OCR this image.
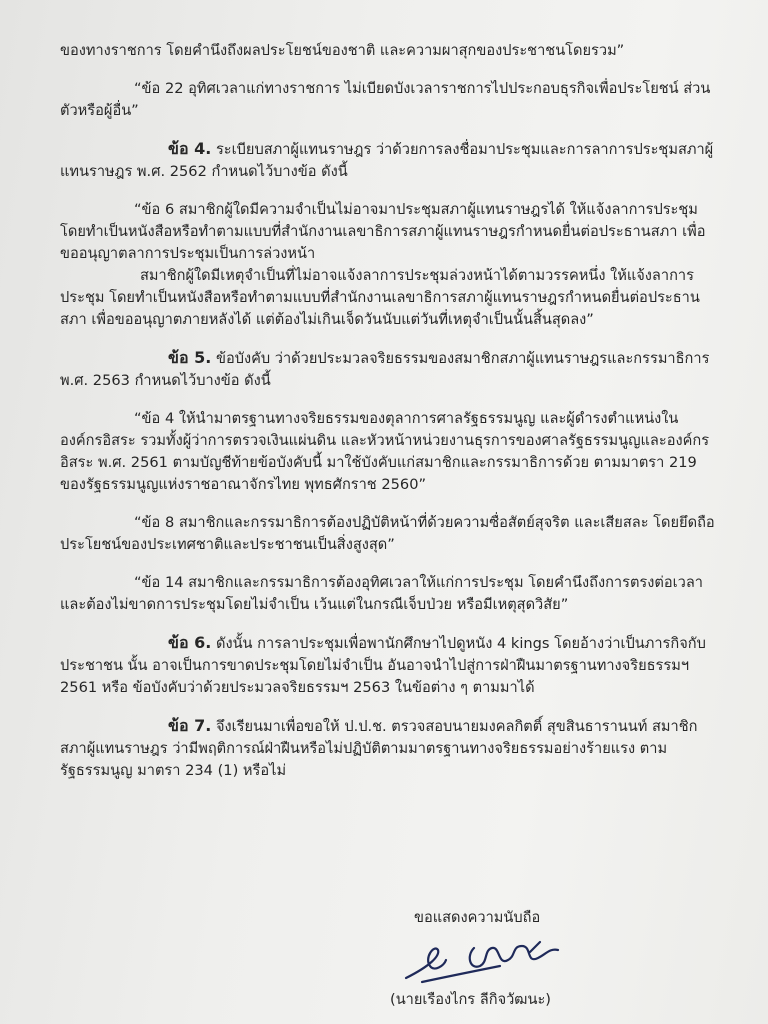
ของทางราชการ โดยคำนึงถึงผลประโยชน์ของชาติ และความผาสุกของประชาชนโดยรวม”

“ข้อ 22 อุทิศเวลาแก่ทางราชการ ไม่เบียดบังเวลาราชการไปประกอบธุรกิจเพื่อประโยชน์ ส่วนตัวหรือผู้อื่น”

ข้อ 4. ระเบียบสภาผู้แทนราษฎร ว่าด้วยการลงชื่อมาประชุมและการลาการประชุมสภาผู้แทนราษฎร พ.ศ. 2562 กำหนดไว้บางข้อ ดังนี้

“ข้อ 6 สมาชิกผู้ใดมีความจำเป็นไม่อาจมาประชุมสภาผู้แทนราษฎรได้ ให้แจ้งลาการประชุม โดยทำเป็นหนังสือหรือทำตามแบบที่สำนักงานเลขาธิการสภาผู้แทนราษฎรกำหนดยื่นต่อประธานสภา เพื่อขออนุญาตลาการประชุมเป็นการล่วงหน้า

สมาชิกผู้ใดมีเหตุจำเป็นที่ไม่อาจแจ้งลาการประชุมล่วงหน้าได้ตามวรรคหนึ่ง ให้แจ้งลาการประชุม โดยทำเป็นหนังสือหรือทำตามแบบที่สำนักงานเลขาธิการสภาผู้แทนราษฎรกำหนดยื่นต่อประธานสภา เพื่อขออนุญาตภายหลังได้ แต่ต้องไม่เกินเจ็ดวันนับแต่วันที่เหตุจำเป็นนั้นสิ้นสุดลง”

ข้อ 5. ข้อบังคับ ว่าด้วยประมวลจริยธรรมของสมาชิกสภาผู้แทนราษฎรและกรรมาธิการ พ.ศ. 2563 กำหนดไว้บางข้อ ดังนี้

“ข้อ 4 ให้นำมาตรฐานทางจริยธรรมของตุลาการศาลรัฐธรรมนูญ และผู้ดำรงตำแหน่งในองค์กรอิสระ รวมทั้งผู้ว่าการตรวจเงินแผ่นดิน และหัวหน้าหน่วยงานธุรการของศาลรัฐธรรมนูญและองค์กรอิสระ พ.ศ. 2561 ตามบัญชีท้ายข้อบังคับนี้ มาใช้บังคับแก่สมาชิกและกรรมาธิการด้วย ตามมาตรา 219 ของรัฐธรรมนูญแห่งราชอาณาจักรไทย พุทธศักราช 2560”

“ข้อ 8 สมาชิกและกรรมาธิการต้องปฏิบัติหน้าที่ด้วยความซื่อสัตย์สุจริต และเสียสละ โดยยึดถือประโยชน์ของประเทศชาติและประชาชนเป็นสิ่งสูงสุด”

“ข้อ 14 สมาชิกและกรรมาธิการต้องอุทิศเวลาให้แก่การประชุม โดยคำนึงถึงการตรงต่อเวลา และต้องไม่ขาดการประชุมโดยไม่จำเป็น เว้นแต่ในกรณีเจ็บป่วย หรือมีเหตุสุดวิสัย”

ข้อ 6. ดังนั้น การลาประชุมเพื่อพานักศึกษาไปดูหนัง 4 kings โดยอ้างว่าเป็นภารกิจกับประชาชน นั้น อาจเป็นการขาดประชุมโดยไม่จำเป็น อันอาจนำไปสู่การฝ่าฝืนมาตรฐานทางจริยธรรมฯ 2561 หรือ ข้อบังคับว่าด้วยประมวลจริยธรรมฯ 2563 ในข้อต่าง ๆ ตามมาได้

ข้อ 7. จึงเรียนมาเพื่อขอให้ ป.ป.ช. ตรวจสอบนายมงคลกิตติ์ สุขสินธารานนท์ สมาชิกสภาผู้แทนราษฎร ว่ามีพฤติการณ์ฝ่าฝืนหรือไม่ปฏิบัติตามมาตรฐานทางจริยธรรมอย่างร้ายแรง ตามรัฐธรรมนูญ มาตรา 234 (1) หรือไม่

ขอแสดงความนับถือ
(นายเรืองไกร ลีกิจวัฒนะ)
